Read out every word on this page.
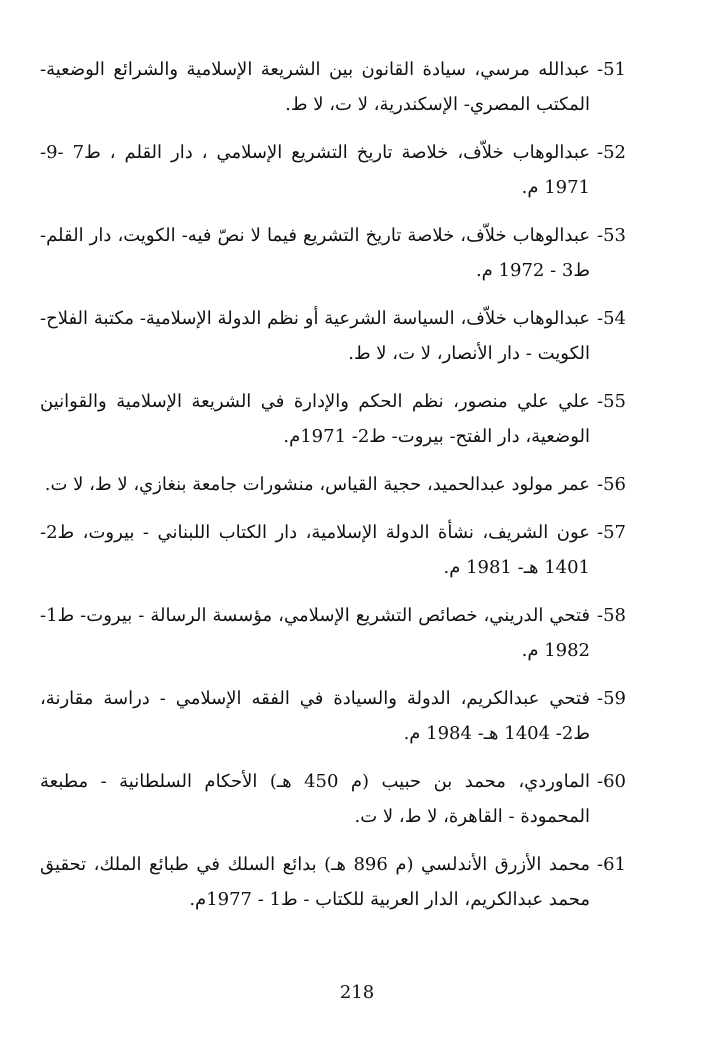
51-
عبدالله مرسي، سيادة القانون بين الشريعة الإسلامية والشرائع الوضعية- المكتب المصري- الإسكندرية، لا ت، لا ط.
52-
عبدالوهاب خلاّف، خلاصة تاريخ التشريع الإسلامي ، دار القلم ، ط7 -9- 1971 م.
53-
عبدالوهاب خلاّف، خلاصة تاريخ التشريع فيما لا نصّ فيه- الكويت، دار القلم- ط3 - 1972 م.
54-
عبدالوهاب خلاّف، السياسة الشرعية أو نظم الدولة الإسلامية- مكتبة الفلاح- الكويت - دار الأنصار، لا ت، لا ط.
55-
علي علي منصور، نظم الحكم والإدارة في الشريعة الإسلامية والقوانين الوضعية، دار الفتح- بيروت- ط2- 1971م.
56-
عمر مولود عبدالحميد، حجية القياس، منشورات جامعة بنغازي، لا ط، لا ت.
57-
عون الشريف، نشأة الدولة الإسلامية، دار الكتاب اللبناني - بيروت، ط2- 1401 هـ- 1981 م.
58-
فتحي الدريني، خصائص التشريع الإسلامي، مؤسسة الرسالة - بيروت- ط1- 1982 م.
59-
فتحي عبدالكريم، الدولة والسيادة في الفقه الإسلامي - دراسة مقارنة، ط2- 1404 هـ- 1984 م.
60-
الماوردي، محمد بن حبيب (م 450 هـ) الأحكام السلطانية - مطبعة المحمودة - القاهرة، لا ط، لا ت.
61-
محمد الأزرق الأندلسي (م 896 هـ) بدائع السلك في طبائع الملك، تحقيق محمد عبدالكريم، الدار العربية للكتاب - ط1 - 1977م.
218
